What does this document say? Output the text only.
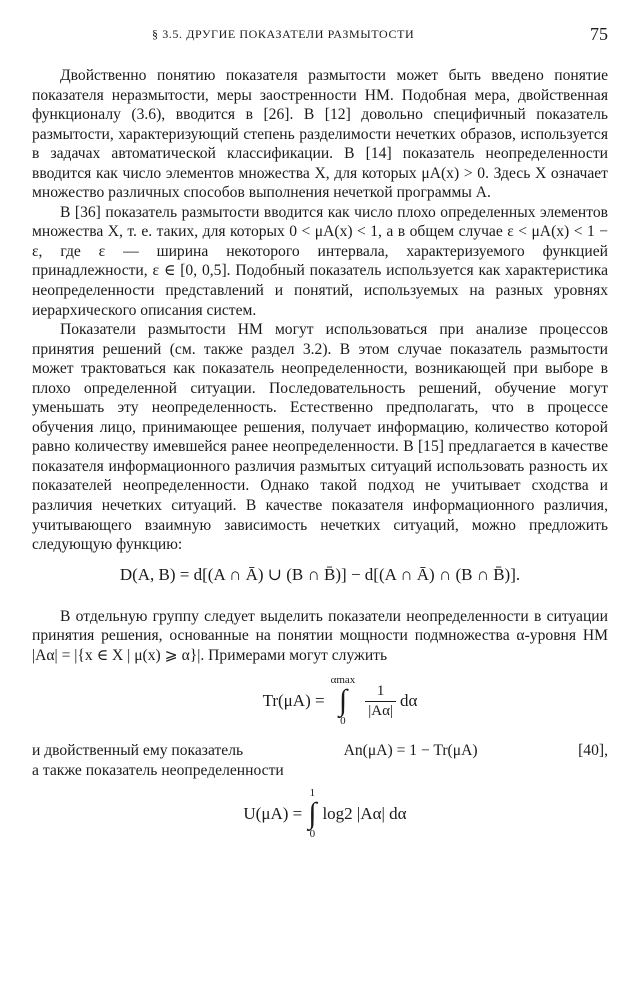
§ 3.5. ДРУГИЕ ПОКАЗАТЕЛИ РАЗМЫТОСТИ	75

Двойственно понятию показателя размытости может быть введено понятие показателя неразмытости, меры заостренности НМ. Подобная мера, двойственная функционалу (3.6), вводится в [26]. В [12] довольно специфичный показатель размытости, характеризующий степень разделимости нечетких образов, используется в задачах автоматической классификации. В [14] показатель неопределенности вводится как число элементов множества X, для которых μA(x) > 0. Здесь X означает множество различных способов выполнения нечеткой программы A.

В [36] показатель размытости вводится как число плохо определенных элементов множества X, т. е. таких, для которых 0 < μA(x) < 1, а в общем случае ε < μA(x) < 1 − ε, где ε — ширина некоторого интервала, характеризуемого функцией принадлежности, ε ∈ [0, 0,5]. Подобный показатель используется как характеристика неопределенности представлений и понятий, используемых на разных уровнях иерархического описания систем.

Показатели размытости НМ могут использоваться при анализе процессов принятия решений (см. также раздел 3.2). В этом случае показатель размытости может трактоваться как показатель неопределенности, возникающей при выборе в плохо определенной ситуации. Последовательность решений, обучение могут уменьшать эту неопределенность. Естественно предполагать, что в процессе обучения лицо, принимающее решения, получает информацию, количество которой равно количеству имевшейся ранее неопределенности. В [15] предлагается в качестве показателя информационного различия размытых ситуаций использовать разность их показателей неопределенности. Однако такой подход не учитывает сходства и различия нечетких ситуаций. В качестве показателя информационного различия, учитывающего взаимную зависимость нечетких ситуаций, можно предложить следующую функцию:

D(A, B) = d[(A ∩ Ā) ∪ (B ∩ B̄)] − d[(A ∩ Ā) ∩ (B ∩ B̄)].

В отдельную группу следует выделить показатели неопределенности в ситуации принятия решения, основанные на понятии мощности подмножества α-уровня НМ |Aα| = |{x ∈ X | μ(x) ⩾ α}|. Примерами могут служить

Tr(μA) =
αmax
∫
0
$\frac{1}{|A\alpha|}$ dα
и двойственный ему показатель	An(μA) = 1 − Tr(μA)	[40],
а также показатель неопределенности
U(μA) =
1
∫
0
log2 |Aα| dα
